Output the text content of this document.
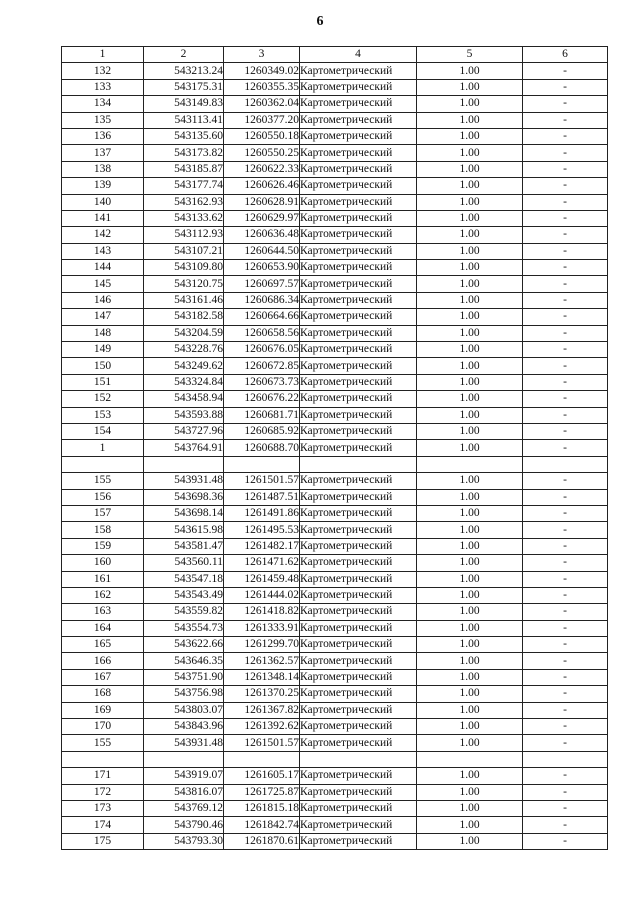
6
1	2	3	4	5	6
132	543213.24	1260349.02	Картометрический	1.00	-
133	543175.31	1260355.35	Картометрический	1.00	-
134	543149.83	1260362.04	Картометрический	1.00	-
135	543113.41	1260377.20	Картометрический	1.00	-
136	543135.60	1260550.18	Картометрический	1.00	-
137	543173.82	1260550.25	Картометрический	1.00	-
138	543185.87	1260622.33	Картометрический	1.00	-
139	543177.74	1260626.46	Картометрический	1.00	-
140	543162.93	1260628.91	Картометрический	1.00	-
141	543133.62	1260629.97	Картометрический	1.00	-
142	543112.93	1260636.48	Картометрический	1.00	-
143	543107.21	1260644.50	Картометрический	1.00	-
144	543109.80	1260653.90	Картометрический	1.00	-
145	543120.75	1260697.57	Картометрический	1.00	-
146	543161.46	1260686.34	Картометрический	1.00	-
147	543182.58	1260664.66	Картометрический	1.00	-
148	543204.59	1260658.56	Картометрический	1.00	-
149	543228.76	1260676.05	Картометрический	1.00	-
150	543249.62	1260672.85	Картометрический	1.00	-
151	543324.84	1260673.73	Картометрический	1.00	-
152	543458.94	1260676.22	Картометрический	1.00	-
153	543593.88	1260681.71	Картометрический	1.00	-
154	543727.96	1260685.92	Картометрический	1.00	-
1	543764.91	1260688.70	Картометрический	1.00	-

155	543931.48	1261501.57	Картометрический	1.00	-
156	543698.36	1261487.51	Картометрический	1.00	-
157	543698.14	1261491.86	Картометрический	1.00	-
158	543615.98	1261495.53	Картометрический	1.00	-
159	543581.47	1261482.17	Картометрический	1.00	-
160	543560.11	1261471.62	Картометрический	1.00	-
161	543547.18	1261459.48	Картометрический	1.00	-
162	543543.49	1261444.02	Картометрический	1.00	-
163	543559.82	1261418.82	Картометрический	1.00	-
164	543554.73	1261333.91	Картометрический	1.00	-
165	543622.66	1261299.70	Картометрический	1.00	-
166	543646.35	1261362.57	Картометрический	1.00	-
167	543751.90	1261348.14	Картометрический	1.00	-
168	543756.98	1261370.25	Картометрический	1.00	-
169	543803.07	1261367.82	Картометрический	1.00	-
170	543843.96	1261392.62	Картометрический	1.00	-
155	543931.48	1261501.57	Картометрический	1.00	-

171	543919.07	1261605.17	Картометрический	1.00	-
172	543816.07	1261725.87	Картометрический	1.00	-
173	543769.12	1261815.18	Картометрический	1.00	-
174	543790.46	1261842.74	Картометрический	1.00	-
175	543793.30	1261870.61	Картометрический	1.00	-
